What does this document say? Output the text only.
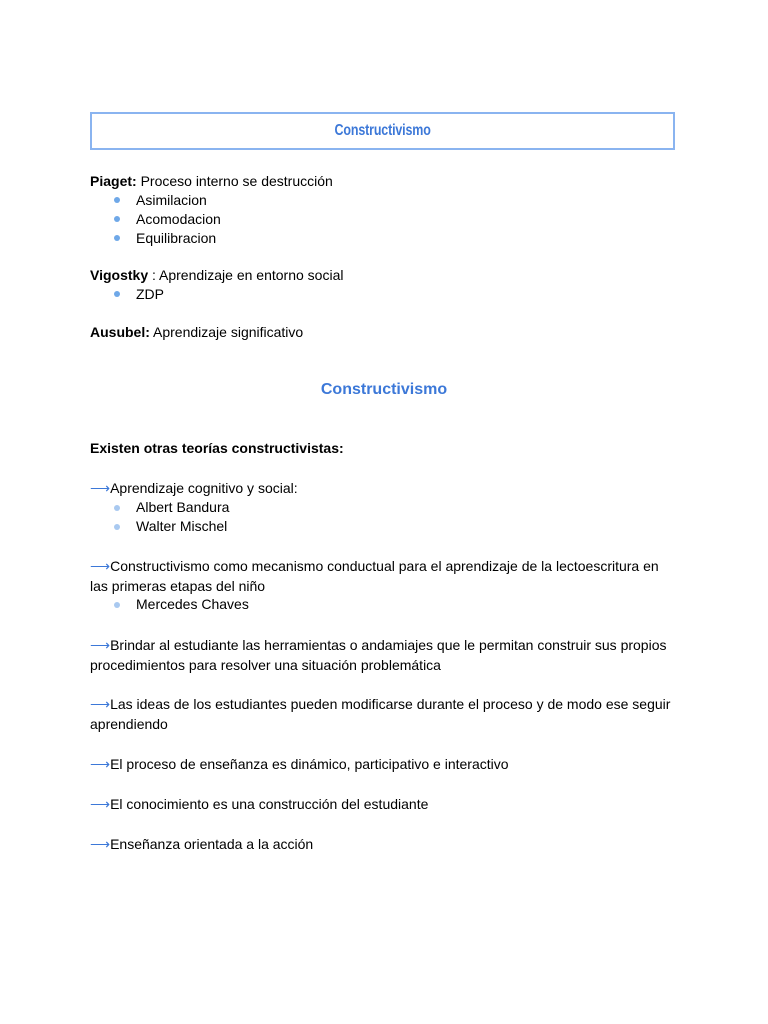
Constructivismo
Piaget: Proceso interno se destrucción
Asimilacion
Acomodacion
Equilibracion
Vigostky : Aprendizaje en entorno social
ZDP
Ausubel: Aprendizaje significativo
Constructivismo
Existen otras teorías constructivistas:
⟶Aprendizaje cognitivo y social:
Albert Bandura
Walter Mischel
⟶Constructivismo como mecanismo conductual para el aprendizaje de la lectoescritura en las primeras etapas del niño
Mercedes Chaves
⟶Brindar al estudiante las herramientas o andamiajes que le permitan construir sus propios procedimientos para resolver una situación problemática
⟶Las ideas de los estudiantes pueden modificarse durante el proceso y de modo ese seguir aprendiendo
⟶El proceso de enseñanza es dinámico, participativo e interactivo
⟶El conocimiento es una construcción del estudiante
⟶Enseñanza orientada a la acción
